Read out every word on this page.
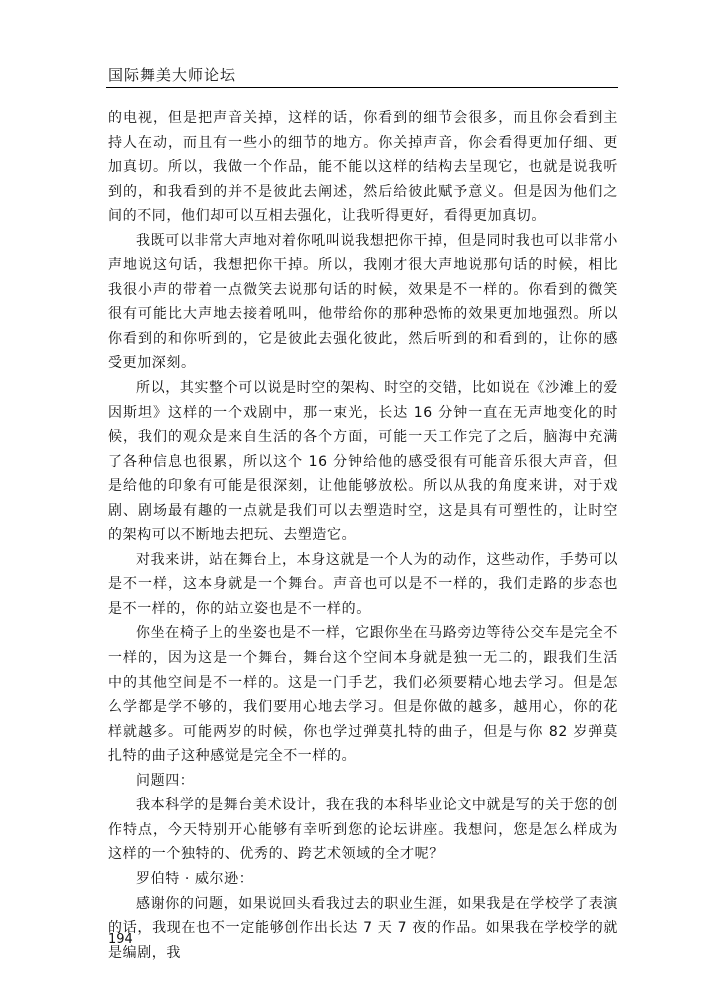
国际舞美大师论坛

的电视，但是把声音关掉，这样的话，你看到的细节会很多，而且你会看到主持人在动，而且有一些小的细节的地方。你关掉声音，你会看得更加仔细、更加真切。所以，我做一个作品，能不能以这样的结构去呈现它，也就是说我听到的，和我看到的并不是彼此去阐述，然后给彼此赋予意义。但是因为他们之间的不同，他们却可以互相去强化，让我听得更好，看得更加真切。

我既可以非常大声地对着你吼叫说我想把你干掉，但是同时我也可以非常小声地说这句话，我想把你干掉。所以，我刚才很大声地说那句话的时候，相比我很小声的带着一点微笑去说那句话的时候，效果是不一样的。你看到的微笑很有可能比大声地去接着吼叫，他带给你的那种恐怖的效果更加地强烈。所以你看到的和你听到的，它是彼此去强化彼此，然后听到的和看到的，让你的感受更加深刻。

所以，其实整个可以说是时空的架构、时空的交错，比如说在《沙滩上的爱因斯坦》这样的一个戏剧中，那一束光，长达 16 分钟一直在无声地变化的时候，我们的观众是来自生活的各个方面，可能一天工作完了之后，脑海中充满了各种信息也很累，所以这个 16 分钟给他的感受很有可能音乐很大声音，但是给他的印象有可能是很深刻，让他能够放松。所以从我的角度来讲，对于戏剧、剧场最有趣的一点就是我们可以去塑造时空，这是具有可塑性的，让时空的架构可以不断地去把玩、去塑造它。

对我来讲，站在舞台上，本身这就是一个人为的动作，这些动作，手势可以是不一样，这本身就是一个舞台。声音也可以是不一样的，我们走路的步态也是不一样的，你的站立姿也是不一样的。

你坐在椅子上的坐姿也是不一样，它跟你坐在马路旁边等待公交车是完全不一样的，因为这是一个舞台，舞台这个空间本身就是独一无二的，跟我们生活中的其他空间是不一样的。这是一门手艺，我们必须要精心地去学习。但是怎么学都是学不够的，我们要用心地去学习。但是你做的越多，越用心，你的花样就越多。可能两岁的时候，你也学过弹莫扎特的曲子，但是与你 82 岁弹莫扎特的曲子这种感觉是完全不一样的。

问题四：

我本科学的是舞台美术设计，我在我的本科毕业论文中就是写的关于您的创作特点，今天特别开心能够有幸听到您的论坛讲座。我想问，您是怎么样成为这样的一个独特的、优秀的、跨艺术领域的全才呢？

罗伯特 · 威尔逊：

感谢你的问题，如果说回头看我过去的职业生涯，如果我是在学校学了表演的话，我现在也不一定能够创作出长达 7 天 7 夜的作品。如果我在学校学的就是编剧，我

194
